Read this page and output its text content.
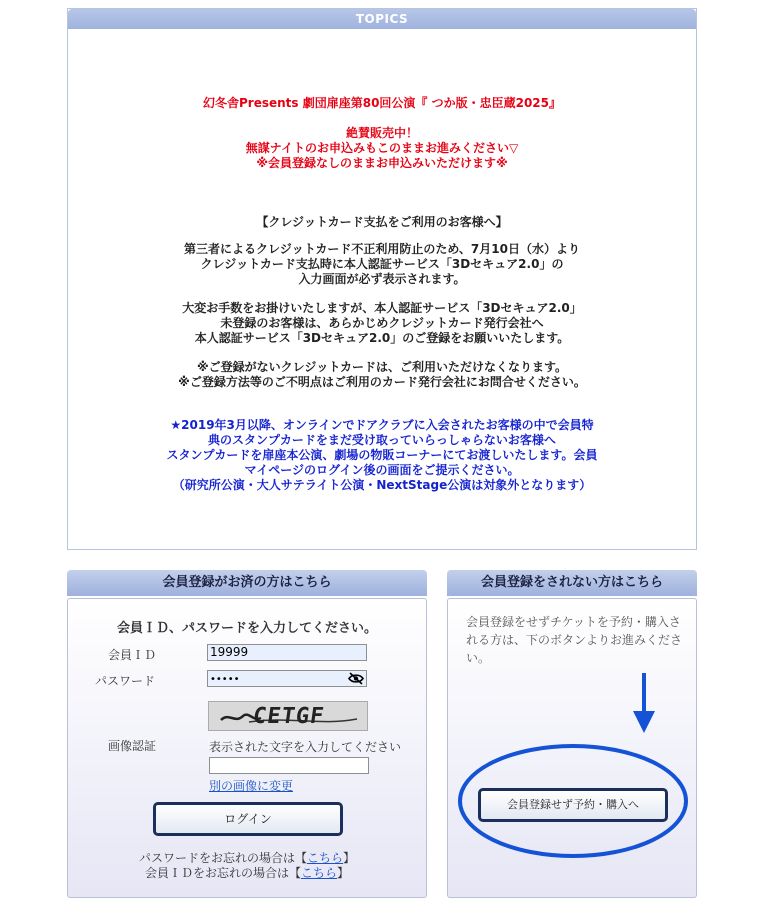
TOPICS
幻冬舎Presents 劇団扉座第80回公演『 つか版・忠臣蔵2025』
絶賛販売中！
無謀ナイトのお申込みもこのままお進みください▽
※会員登録なしのままお申込みいただけます※
【クレジットカード支払をご利用のお客様へ】
第三者によるクレジットカード不正利用防止のため、7月10日（水）より
クレジットカード支払時に本人認証サービス「3Dセキュア2.0」の
入力画面が必ず表示されます。
大変お手数をお掛けいたしますが、本人認証サービス「3Dセキュア2.0」
未登録のお客様は、あらかじめクレジットカード発行会社へ
本人認証サービス「3Dセキュア2.0」のご登録をお願いいたします。
※ご登録がないクレジットカードは、ご利用いただけなくなります。
※ご登録方法等のご不明点はご利用のカード発行会社にお問合せください。
★2019年3月以降、オンラインでドアクラブに入会されたお客様の中で会員特
典のスタンプカードをまだ受け取っていらっしゃらないお客様へ
スタンプカードを扉座本公演、劇場の物販コーナーにてお渡しいたします。会員
マイページのログイン後の画面をご提示ください。
（研究所公演・大人サテライト公演・NextStage公演は対象外となります）
会員登録がお済の方はこちら
会員ＩＤ、パスワードを入力してください。
会員ＩＤ	19999
パスワード	•••••
CETGF
画像認証	表示された文字を入力してください
別の画像に変更
ログイン
パスワードをお忘れの場合は【こちら】
会員ＩＤをお忘れの場合は【こちら】
会員登録をされない方はこちら
会員登録をせずチケットを予約・購入される方は、下のボタンよりお進みください。
会員登録せず予約・購入へ
